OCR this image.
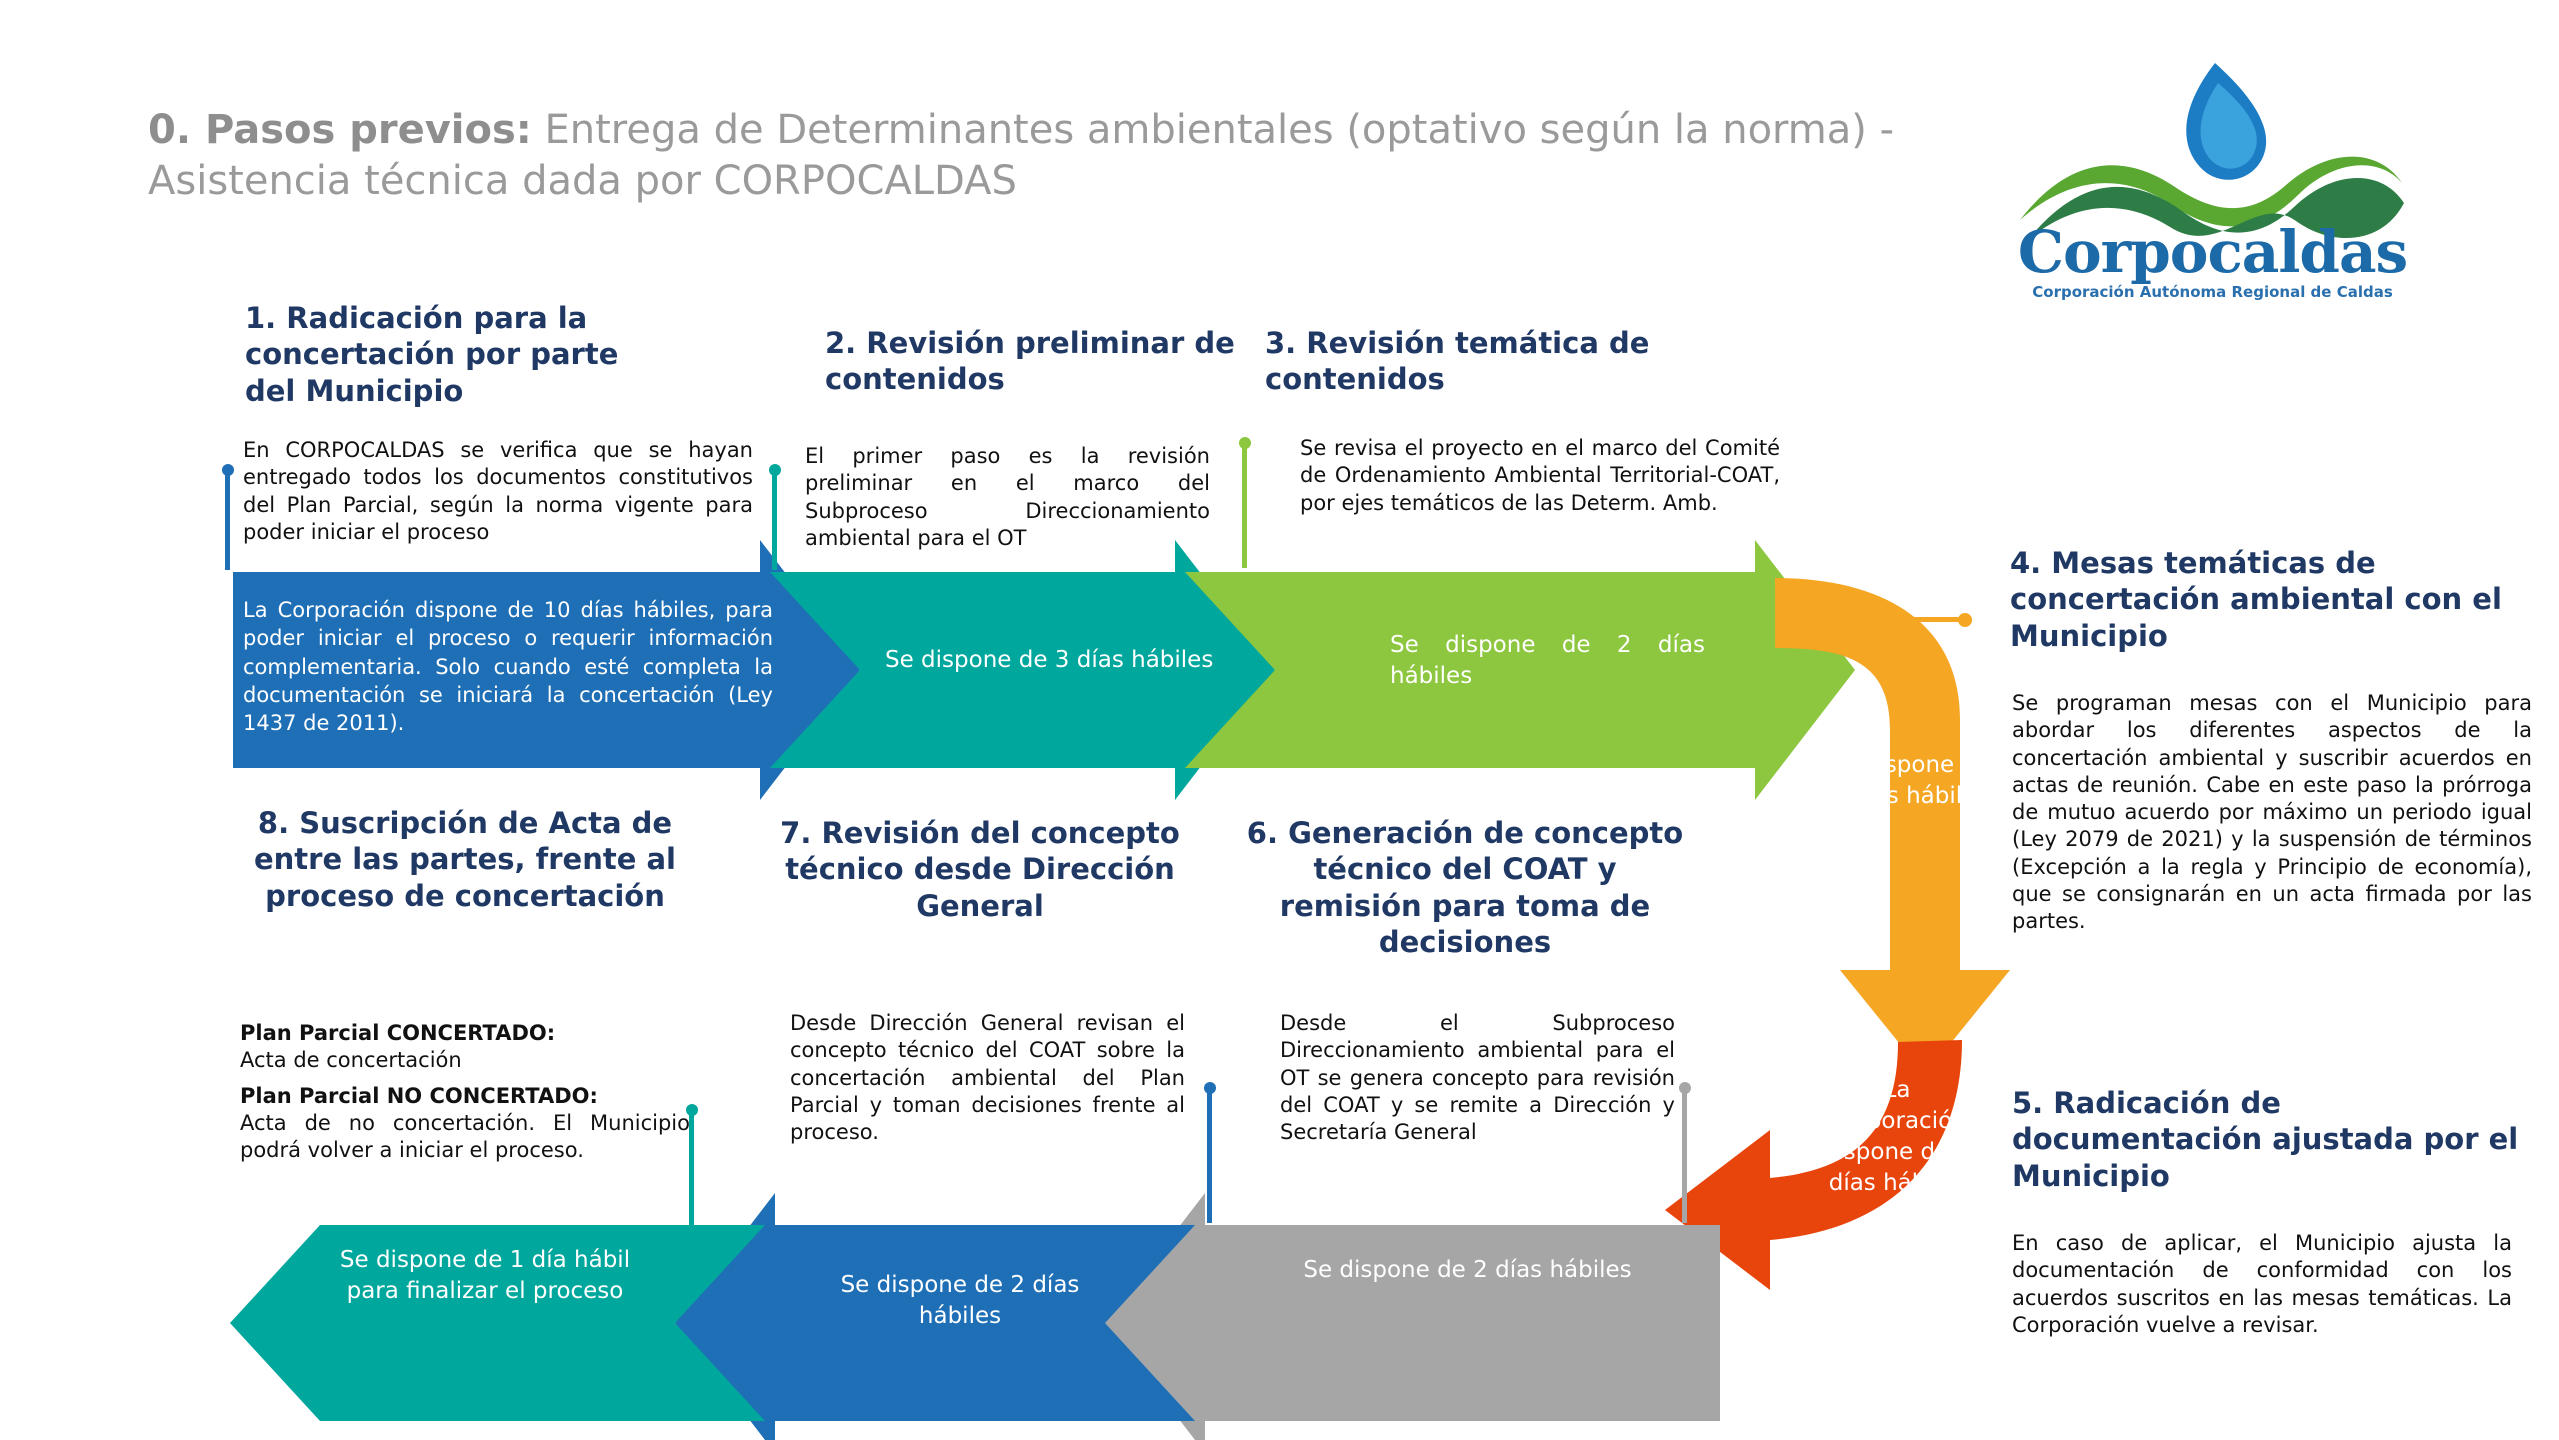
0. Pasos previos: Entrega de Determinantes ambientales (optativo según la norma) - Asistencia técnica dada por CORPOCALDAS
Corpocaldas
Corporación Autónoma Regional de Caldas
1. Radicación para la concertación por parte del Municipio
En CORPOCALDAS se verifica que se hayan entregado todos los documentos constitutivos del Plan Parcial, según la norma vigente para poder iniciar el proceso
La Corporación dispone de 10 días hábiles, para poder iniciar el proceso o requerir información complementaria. Solo cuando esté completa la documentación se iniciará la concertación (Ley 1437 de 2011).
2. Revisión preliminar de contenidos
El primer paso es la revisión preliminar en el marco del Subproceso Direccionamiento ambiental para el OT
Se dispone de 3 días hábiles
3. Revisión temática de contenidos
Se revisa el proyecto en el marco del Comité de Ordenamiento Ambiental Territorial-COAT, por ejes temáticos de las Determ. Amb.
Se dispone de 2 días hábiles
4. Mesas temáticas de concertación ambiental con el Municipio
Se programan mesas con el Municipio para abordar los diferentes aspectos de la concertación ambiental y suscribir acuerdos en actas de reunión. Cabe en este paso la prórroga de mutuo acuerdo por máximo un periodo igual (Ley 2079 de 2021) y la suspensión de términos (Excepción a la regla y Principio de economía), que se consignarán en un acta firmada por las partes.
Se dispone de 3 días hábiles
5. Radicación de documentación ajustada por el Municipio
En caso de aplicar, el Municipio ajusta la documentación de conformidad con los acuerdos suscritos en las mesas temáticas. La Corporación vuelve a revisar.
La Corporación dispone de 2 días hábiles
6. Generación de concepto técnico del COAT y remisión para toma de decisiones
Desde el Subproceso Direccionamiento ambiental para el OT se genera concepto para revisión del COAT y se remite a Dirección y Secretaría General
Se dispone de 2 días hábiles
7. Revisión del concepto técnico desde Dirección General
Desde Dirección General revisan el concepto técnico del COAT sobre la concertación ambiental del Plan Parcial y toman decisiones frente al proceso.
Se dispone de 2 días hábiles
8. Suscripción de Acta de entre las partes, frente al proceso de concertación
Plan Parcial CONCERTADO:
Acta de concertación
Plan Parcial NO CONCERTADO:
Acta de no concertación. El Municipio podrá volver a iniciar el proceso.
Se dispone de 1 día hábil para finalizar el proceso
